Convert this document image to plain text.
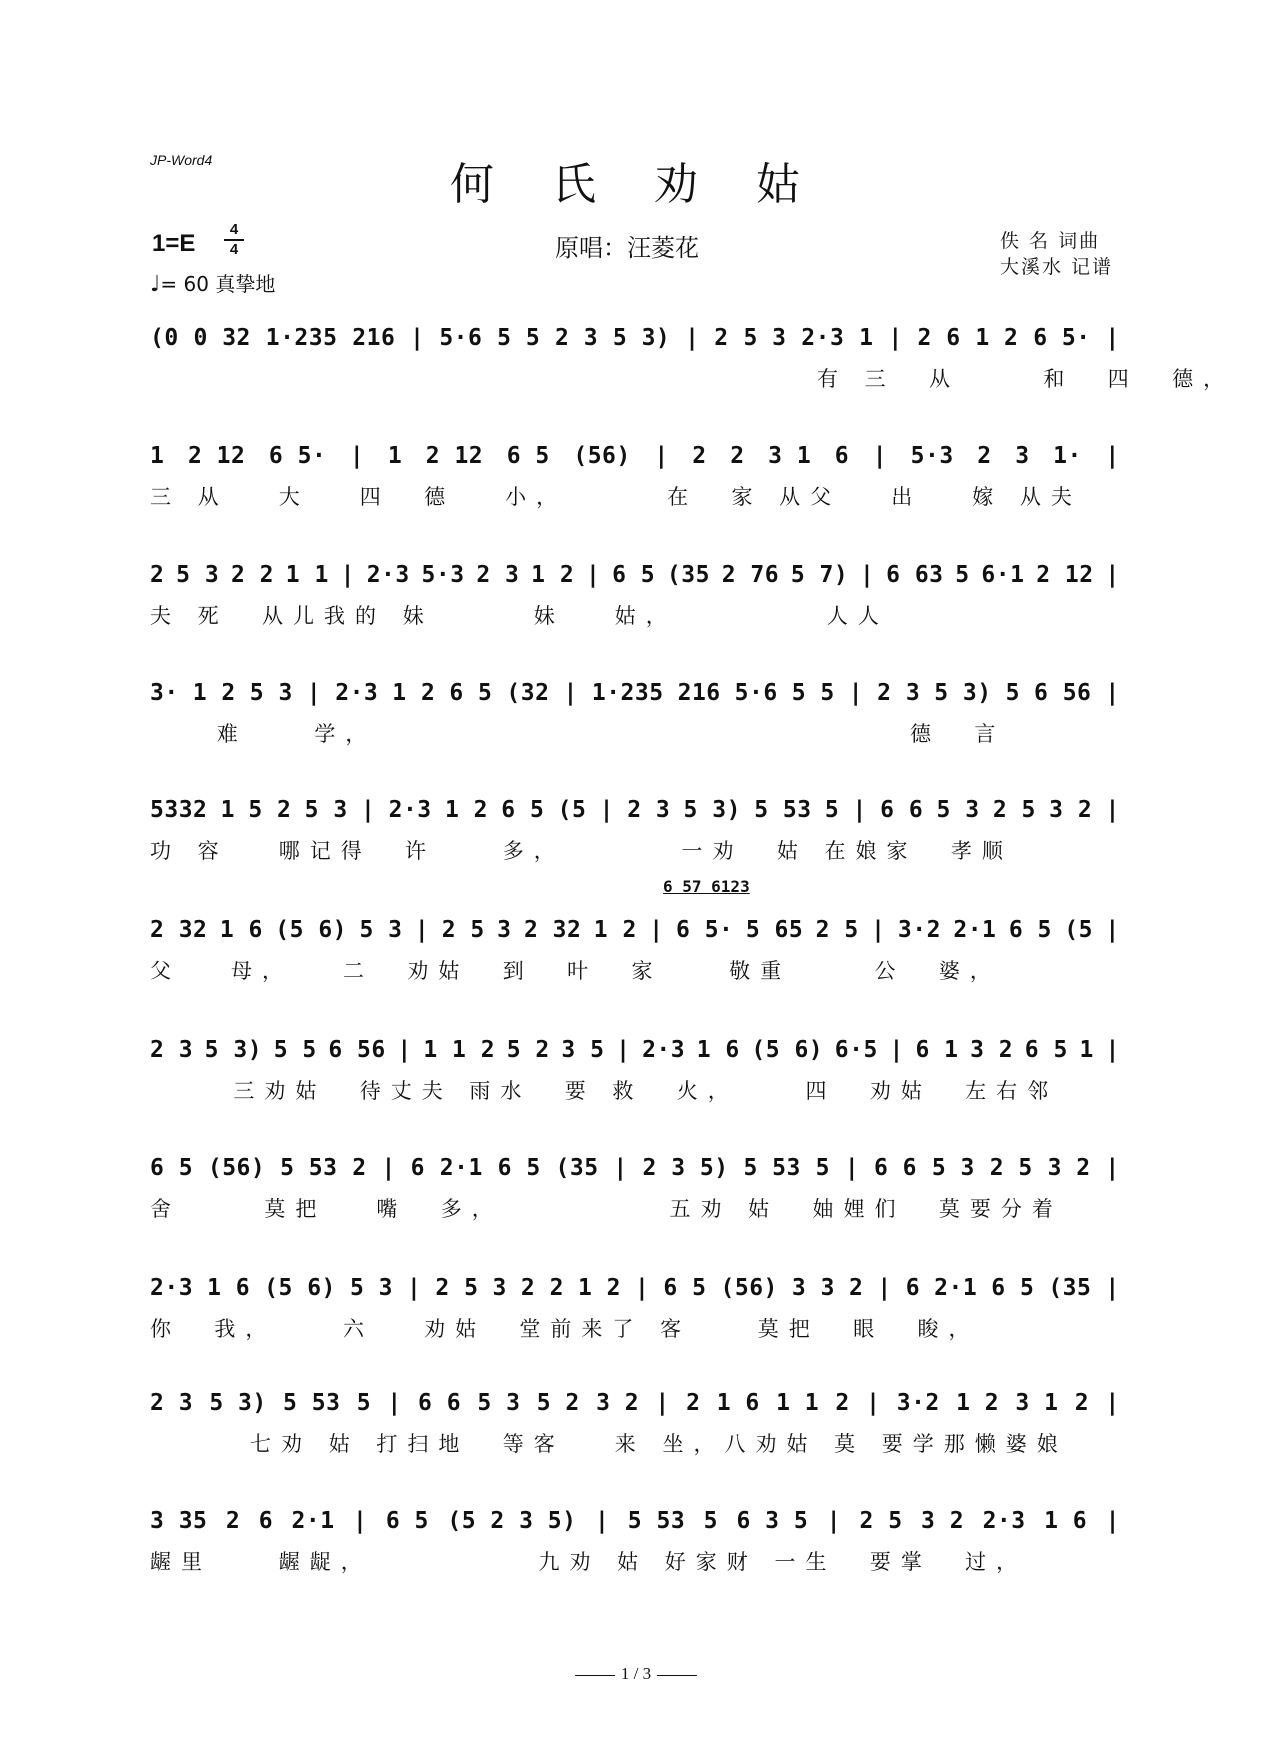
JP-Word4	何 氏 劝 姑
1=E
4
4
♩= 60 真挚地
原唱：汪菱花	佚 名 词曲
大溪水 记谱
6 57 6123
(0 0 32 1·235 216 | 5·6 5 5 2 3 5 3) | 2 5 3 2·3 1 | 2 6 1 2 6 5· |
有 三  从     和  四  德，
1 2 12 6 5· | 1 2 12 6 5 (56) | 2 2 3 1 6 | 5·3 2 3 1· |
三 从   大   四  德   小，      在  家 从父   出   嫁 从夫
2 5 3 2 2 1 1 | 2·3 5·3 2 3 1 2 | 6 5 (35 2 76 5 7) | 6 63 5 6·1 2 12 |
夫 死  从儿我的 妹      妹   姑，         人人
3· 1 2 5 3 | 2·3 1 2 6 5 (32 | 1·235 216 5·6 5 5 | 2 3 5 3) 5 6 56 |
难    学，                                德  言
5332 1 5 2 5 3 | 2·3 1 2 6 5 (5 | 2 3 5 3) 5 53 5 | 6 6 5 3 2 5 3 2 |
功 容   哪记得  许    多，       一劝  姑 在娘家  孝顺
2 32 1 6 (5 6) 5 3 | 2 5 3 2 32 1 2 | 6 5· 5 65 2 5 | 3·2 2·1 6 5 (5 |
父   母，   二  劝姑  到  叶  家    敬重     公  婆，
2 3 5 3) 5 5 6 56 | 1 1 2 5 2 3 5 | 2·3 1 6 (5 6) 6·5 | 6 1 3 2 6 5 1 |
三劝姑  待丈夫 雨水  要 救  火，    四  劝姑  左右邻
6 5 (56) 5 53 2 | 6 2·1 6 5 (35 | 2 3 5) 5 53 5 | 6 6 5 3 2 5 3 2 |
舍     莫把   嘴  多，          五劝 姑  妯娌们  莫要分着
2·3 1 6 (5 6) 5 3 | 2 5 3 2 2 1 2 | 6 5 (56) 3 3 2 | 6 2·1 6 5 (35 |
你  我，    六   劝姑  堂前来了 客    莫把  眼  睃，
2 3 5 3) 5 53 5 | 6 6 5 3 5 2 3 2 | 2 1 6 1 1 2 | 3·2 1 2 3 1 2 |
七劝 姑 打扫地  等客   来 坐，八劝姑 莫 要学那懒婆娘
3 35 2 6 2·1 | 6 5 (5 2 3 5) | 5 53 5 6 3 5 | 2 5 3 2 2·3 1 6 |
龌里    龌龊，          九劝 姑 好家财 一生  要掌  过，
1 / 3
